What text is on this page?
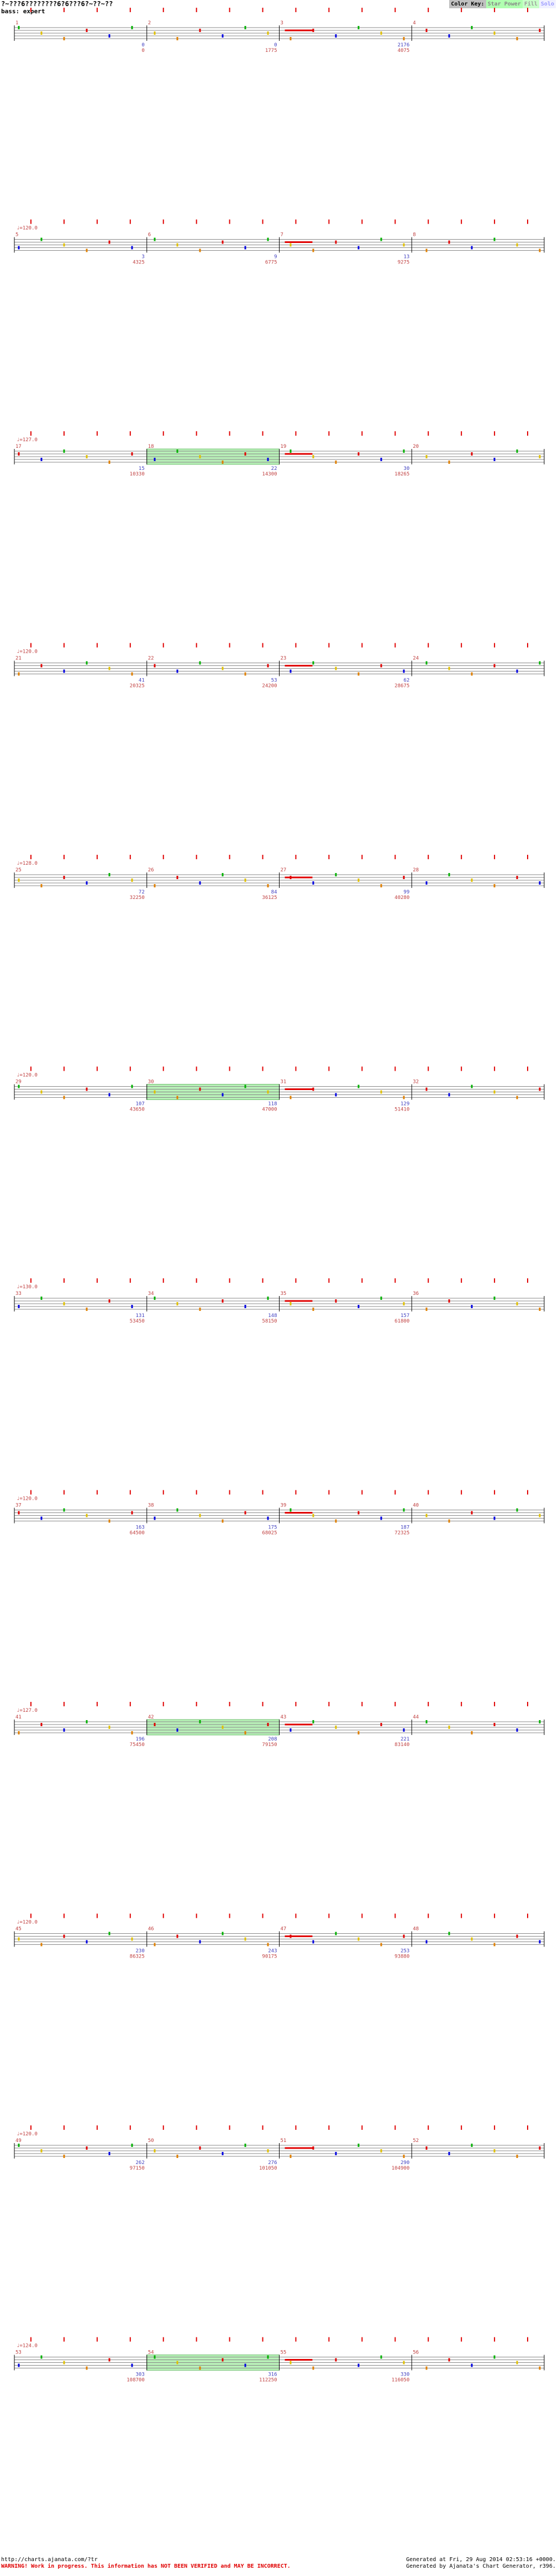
?~???6????????6?6???6?~??~??
bass: expert
Color Key: Star Power Fill Solo
1	2	3	4
0
0
0
1775
2176
4075
♩=120.0
5	6	7	8
3
4325
9
6775
13
9275
♩=127.0
17	18	19	20
15
10330
22
14300
30
18265
♩=120.0
21	22	23	24
41
20325
53
24200
62
28675
♩=128.0
25	26	27	28
72
32250
84
36125
99
40280
♩=120.0
29	30	31	32
107
43650
118
47000
129
51410
♩=130.0
33	34	35	36
131
53450
148
58150
157
61800
♩=120.0
37	38	39	40
163
64500
175
68025
187
72325
♩=127.0
41	42	43	44
196
75450
208
79150
221
83140
♩=120.0
45	46	47	48
230
86325
243
90175
253
93880
♩=120.0
49	50	51	52
262
97150
276
101050
290
104900
♩=124.0
53	54	55	56
303
108700
316
112250
330
116050
http://charts.ajanata.com/?tr
WARNING! Work in progress. This information has NOT BEEN VERIFIED and MAY BE INCORRECT.
Generated at Fri, 29 Aug 2014 02:53:16 +0000.
Generated by Ajanata's Chart Generator, r396.
